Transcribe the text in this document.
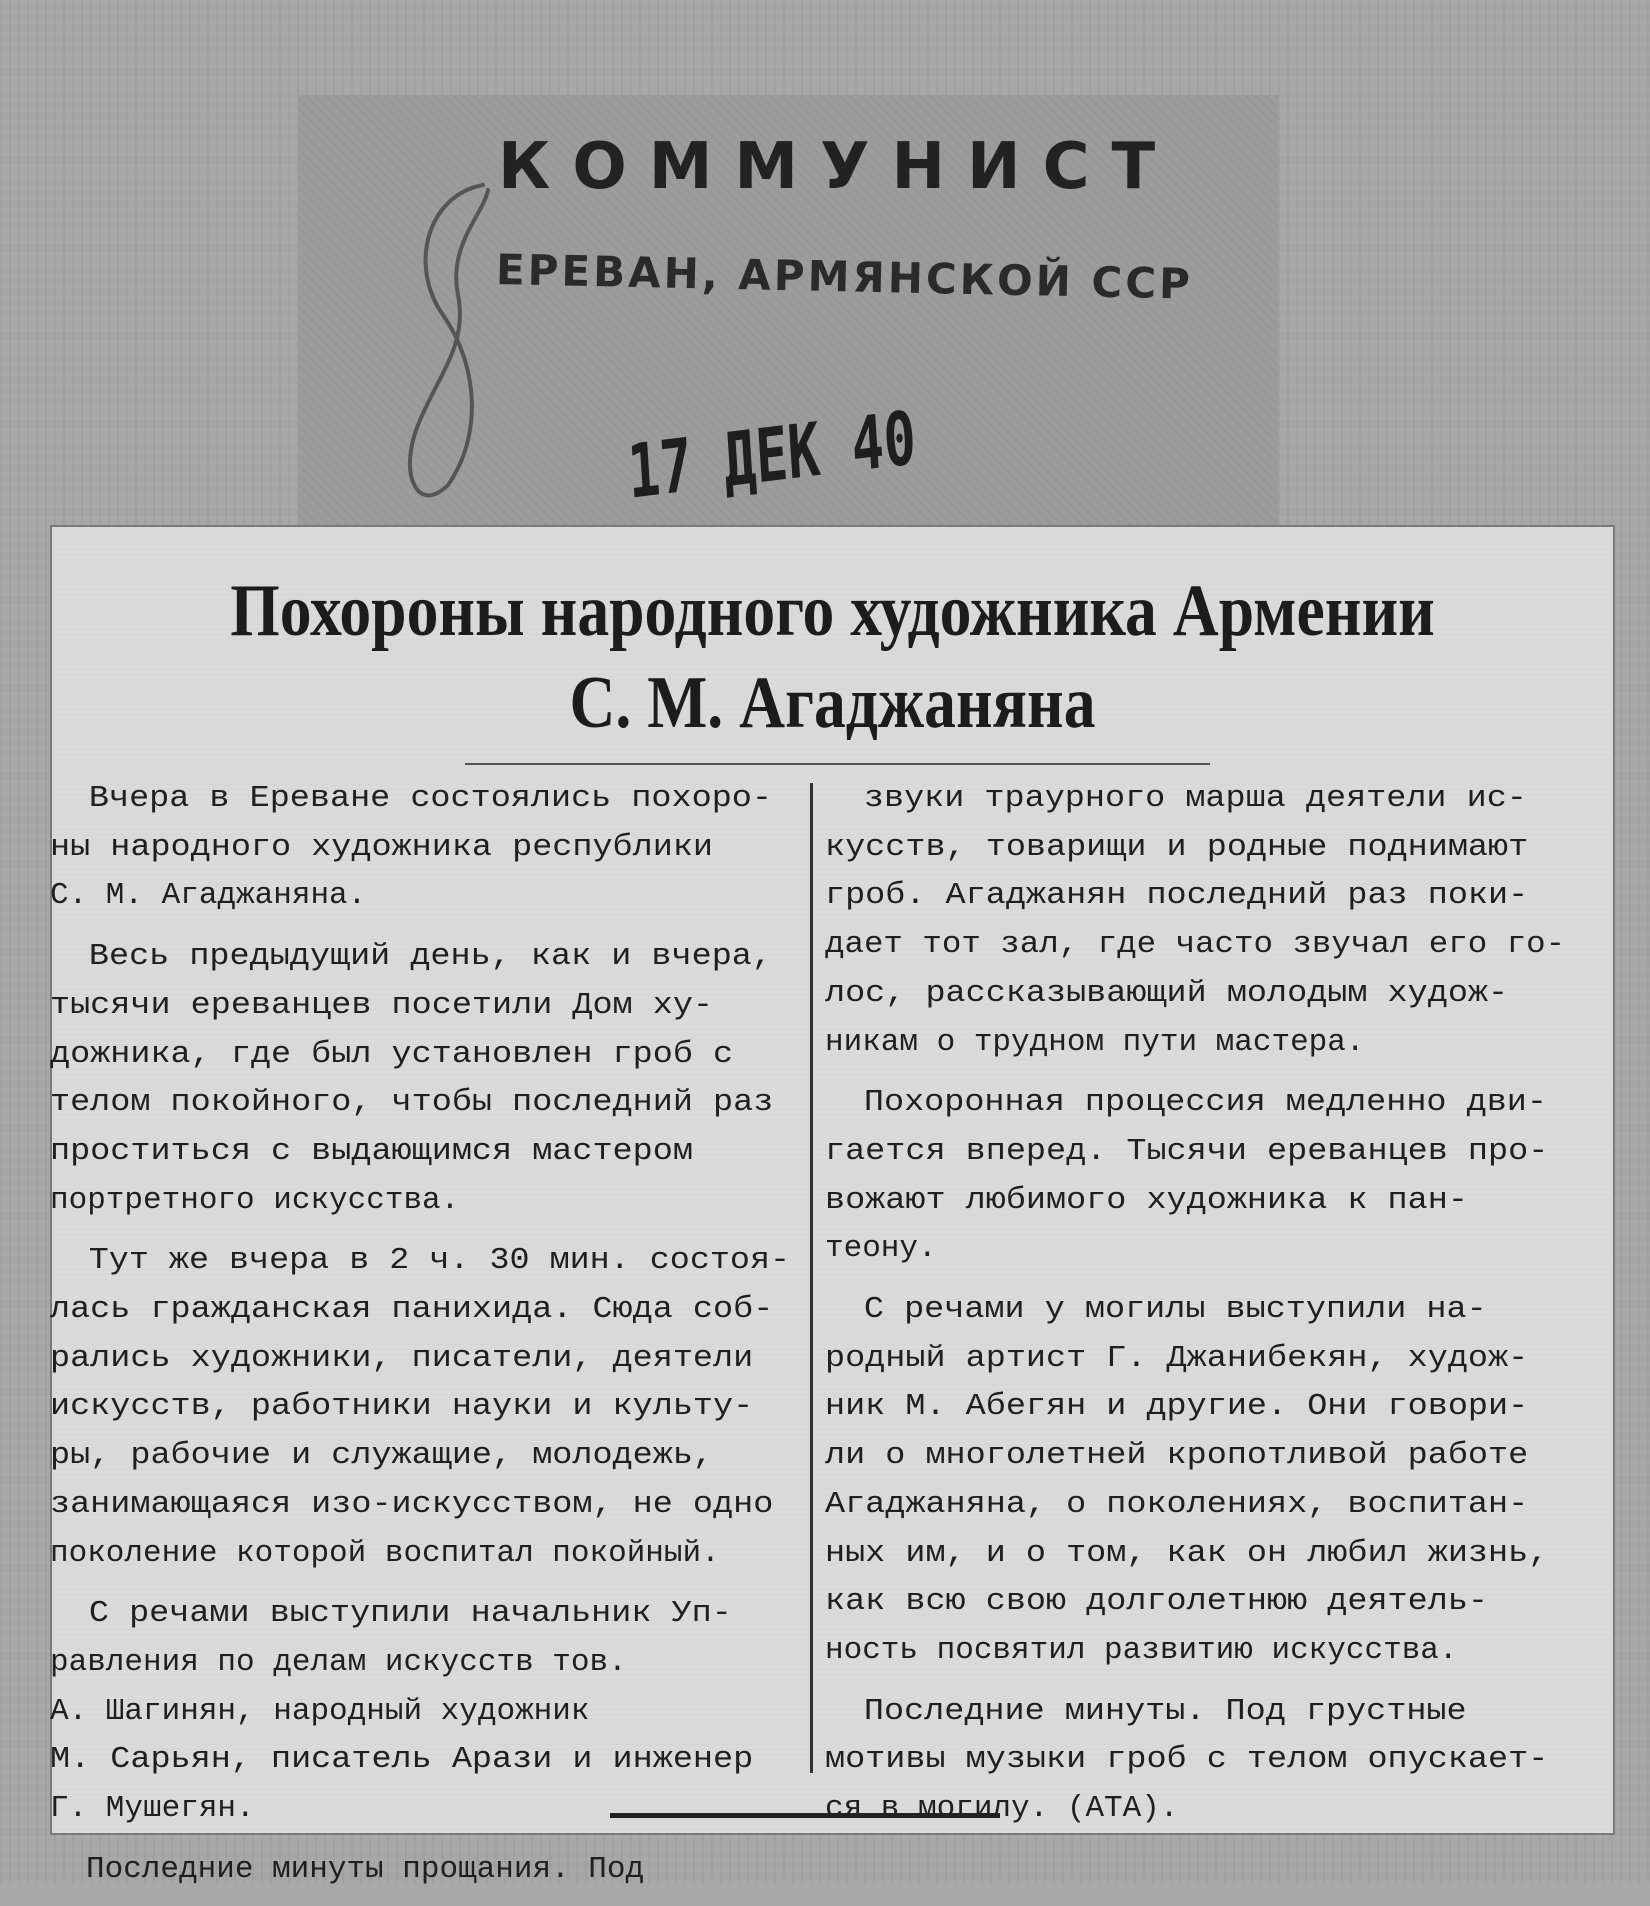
КОММУНИСТ
ЕРЕВАН, АРМЯНСКОЙ ССР
17 ДЕК 40
Похороны народного художника Армении
С. М. Агаджаняна

Вчера в Ереване состоялись похоро-
ны народного художника республики
С. М. Агаджаняна.

Весь предыдущий день, как и вчера,
тысячи ереванцев посетили Дом ху-
дожника, где был установлен гроб с
телом покойного, чтобы последний раз
проститься с выдающимся мастером
портретного искусства.

Тут же вчера в 2 ч. 30 мин. состоя-
лась гражданская панихида. Сюда соб-
рались художники, писатели, деятели
искусств, работники науки и культу-
ры, рабочие и служащие, молодежь,
занимающаяся изо-искусством, не одно
поколение которой воспитал покойный.

С речами выступили начальник Уп-
равления по делам искусств тов.
А. Шагинян, народный художник
М. Сарьян, писатель Арази и инженер
Г. Мушегян.

Последние минуты прощания. Под

звуки траурного марша деятели ис-
кусств, товарищи и родные поднимают
гроб. Агаджанян последний раз поки-
дает тот зал, где часто звучал его го-
лос, рассказывающий молодым худож-
никам о трудном пути мастера.

Похоронная процессия медленно дви-
гается вперед. Тысячи ереванцев про-
вожают любимого художника к пан-
теону.

С речами у могилы выступили на-
родный артист Г. Джанибекян, худож-
ник М. Абегян и другие. Они говори-
ли о многолетней кропотливой работе
Агаджаняна, о поколениях, воспитан-
ных им, и о том, как он любил жизнь,
как всю свою долголетнюю деятель-
ность посвятил развитию искусства.

Последние минуты. Под грустные
мотивы музыки гроб с телом опускает-
ся в могилу. (АТА).
